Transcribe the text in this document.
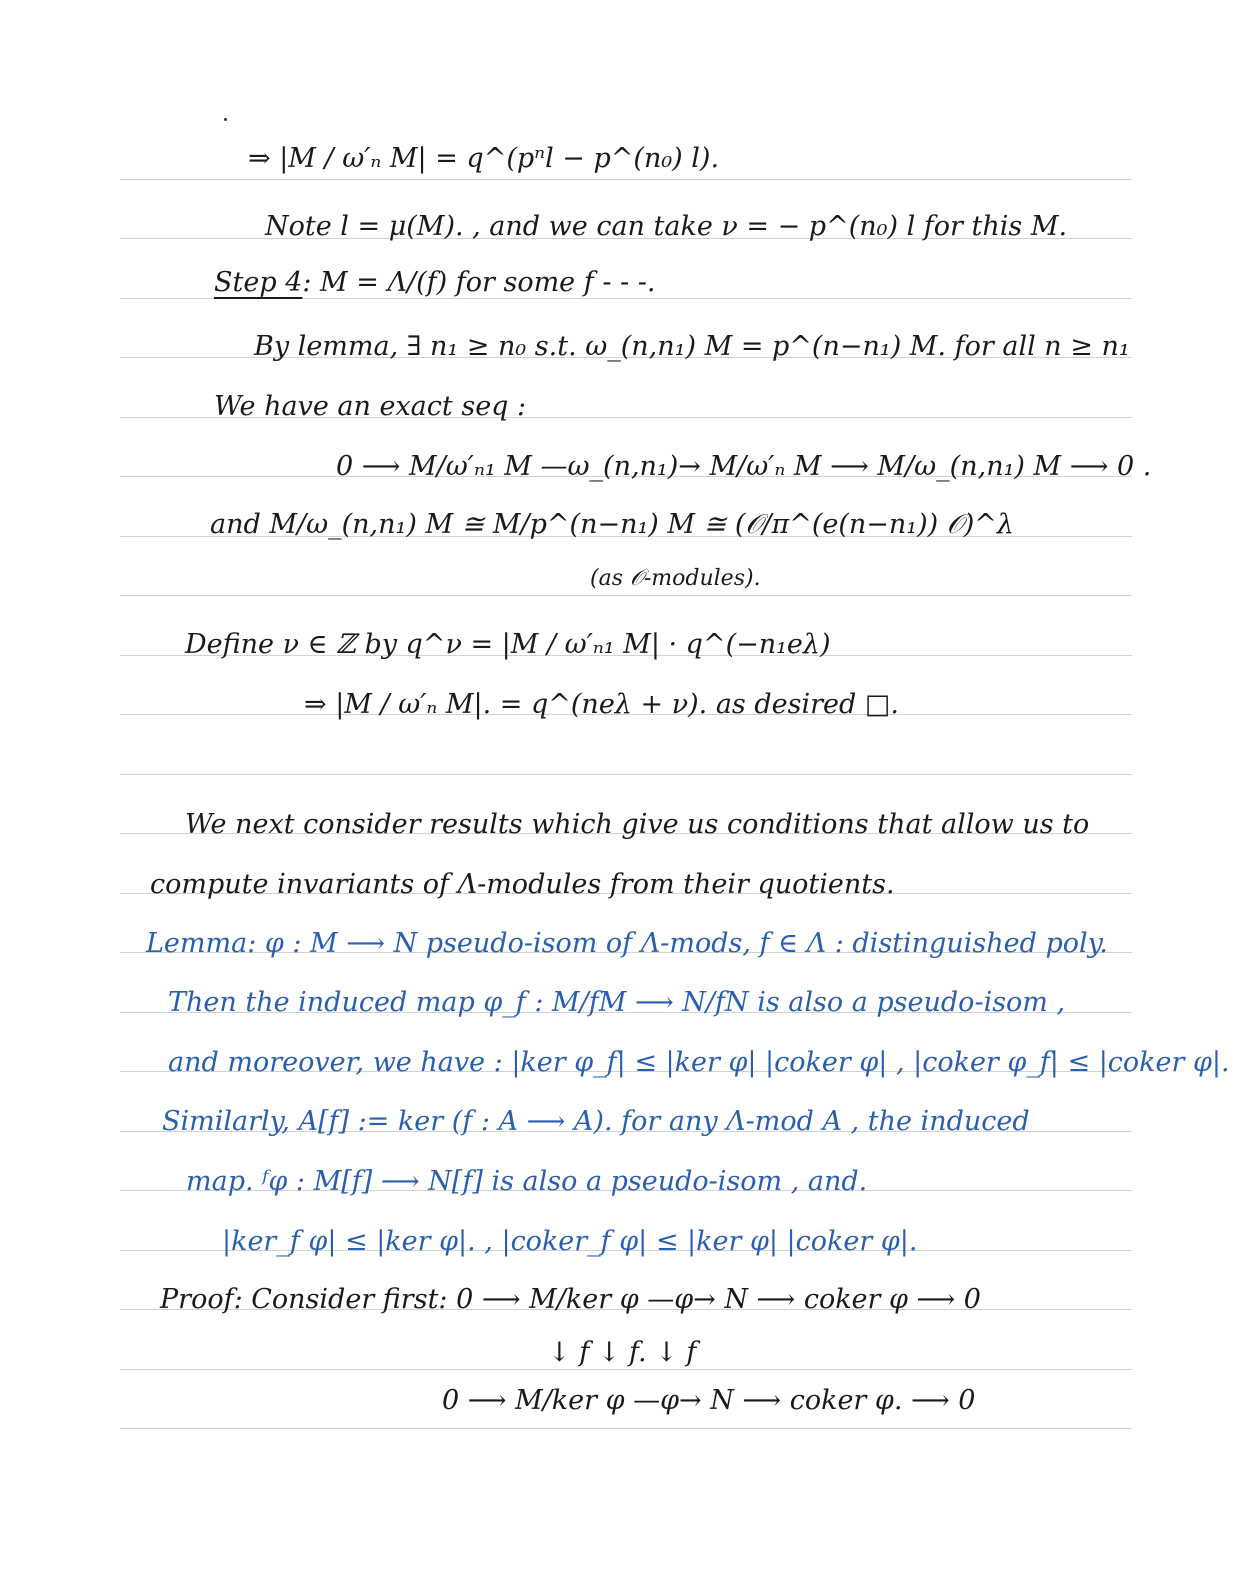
⇒ |M / ω′ₙ M| = q^(pⁿl − p^(n₀) l).
Note l = μ(M). , and we can take ν = − p^(n₀) l for this M.
Step 4: M = Λ/(f) for some f - - -.
By lemma, ∃ n₁ ≥ n₀ s.t. ω_(n,n₁) M = p^(n−n₁) M. for all n ≥ n₁
We have an exact seq :
0 ⟶ M/ω′ₙ₁ M —ω_(n,n₁)→ M/ω′ₙ M ⟶ M/ω_(n,n₁) M ⟶ 0 .
and M/ω_(n,n₁) M ≅ M/p^(n−n₁) M ≅ (𝒪/π^(e(n−n₁)) 𝒪)^λ
(as 𝒪-modules).
Define ν ∈ ℤ by q^ν = |M / ω′ₙ₁ M| · q^(−n₁eλ)
⇒ |M / ω′ₙ M|. = q^(neλ + ν). as desired □.
We next consider results which give us conditions that allow us to
compute invariants of Λ-modules from their quotients.
Lemma: φ : M ⟶ N pseudo-isom of Λ-mods, f ∈ Λ : distinguished poly.
Then the induced map φ_f : M/fM ⟶ N/fN is also a pseudo-isom ,
and moreover, we have : |ker φ_f| ≤ |ker φ| |coker φ| , |coker φ_f| ≤ |coker φ|.
Similarly, A[f] := ker (f : A ⟶ A). for any Λ-mod A , the induced
map. ᶠφ : M[f] ⟶ N[f] is also a pseudo-isom , and.
|ker_f φ| ≤ |ker φ|. , |coker_f φ| ≤ |ker φ| |coker φ|.
Proof: Consider first: 0 ⟶ M/ker φ —φ→ N ⟶ coker φ ⟶ 0
↓ f ↓ f. ↓ f
0 ⟶ M/ker φ —φ→ N ⟶ coker φ. ⟶ 0
